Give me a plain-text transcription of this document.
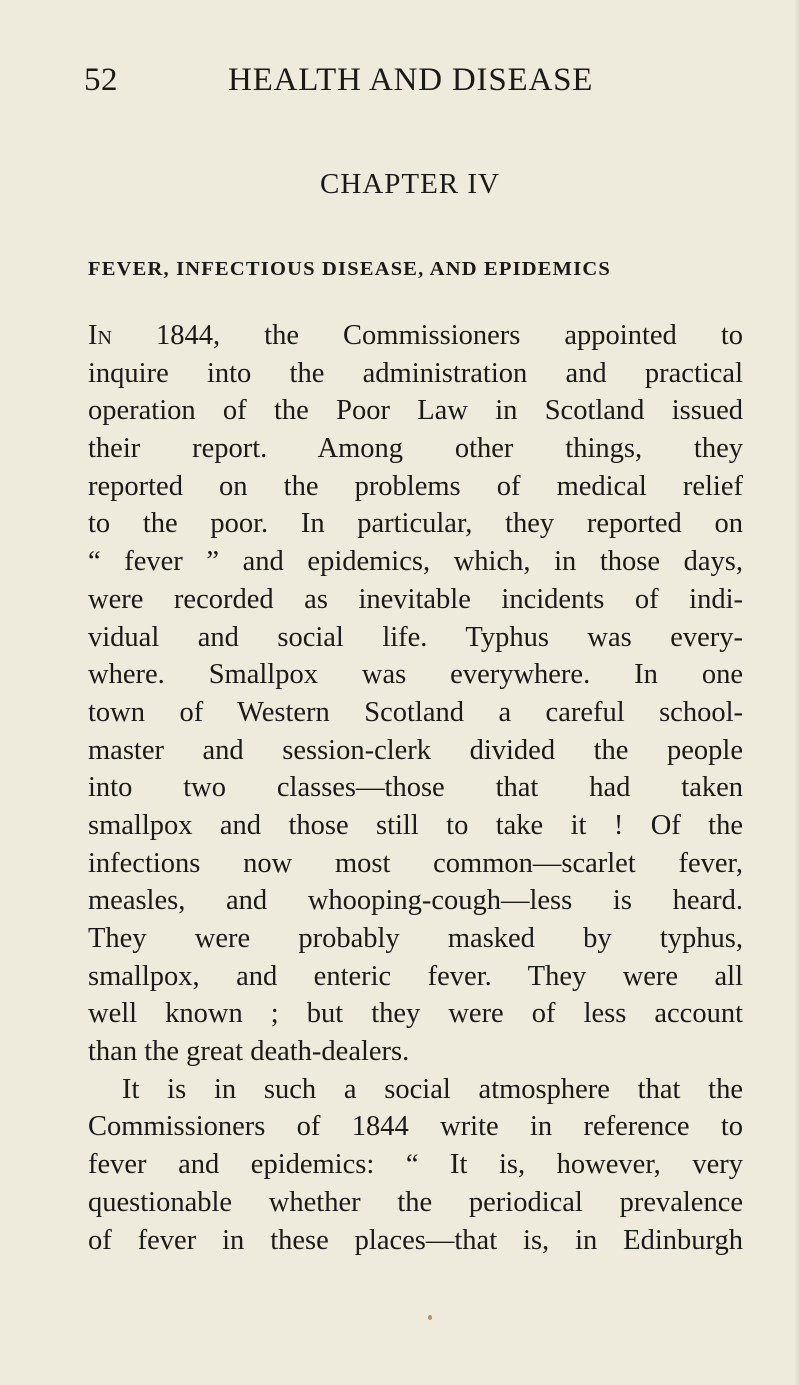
52	HEALTH AND DISEASE
CHAPTER IV
FEVER, INFECTIOUS DISEASE, AND EPIDEMICS
In 1844, the Commissioners appointed to
inquire into the administration and practical
operation of the Poor Law in Scotland issued
their report. Among other things, they
reported on the problems of medical relief
to the poor. In particular, they reported on
“ fever ” and epidemics, which, in those days,
were recorded as inevitable incidents of indi-
vidual and social life. Typhus was every-
where. Smallpox was everywhere. In one
town of Western Scotland a careful school-
master and session-clerk divided the people
into two classes—those that had taken
smallpox and those still to take it ! Of the
infections now most common—scarlet fever,
measles, and whooping-cough—less is heard.
They were probably masked by typhus,
smallpox, and enteric fever. They were all
well known ; but they were of less account
than the great death-dealers.
It is in such a social atmosphere that the
Commissioners of 1844 write in reference to
fever and epidemics: “ It is, however, very
questionable whether the periodical prevalence
of fever in these places—that is, in Edinburgh
